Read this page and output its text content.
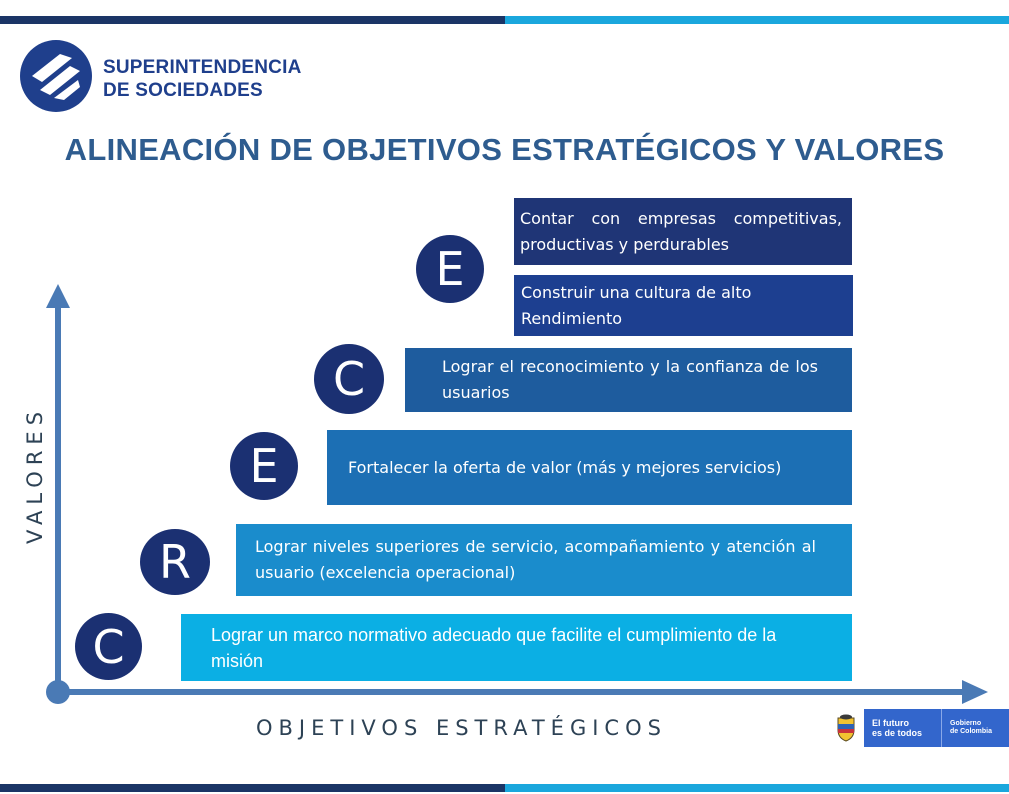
SUPERINTENDENCIA
DE SOCIEDADES
ALINEACIÓN DE OBJETIVOS ESTRATÉGICOS Y VALORES
VALORES
OBJETIVOS ESTRATÉGICOS
Contar con empresas competitivas, productivas y perdurables
Construir una cultura de alto Rendimiento
Lograr el reconocimiento y la confianza de los usuarios
Fortalecer la oferta de valor (más y mejores servicios)
Lograr niveles superiores de servicio, acompañamiento y atención al usuario (excelencia operacional)
Lograr un marco normativo adecuado que facilite el cumplimiento de la misión
E
C
E
R
C
El futuro
es de todos
Gobierno
de Colombia
